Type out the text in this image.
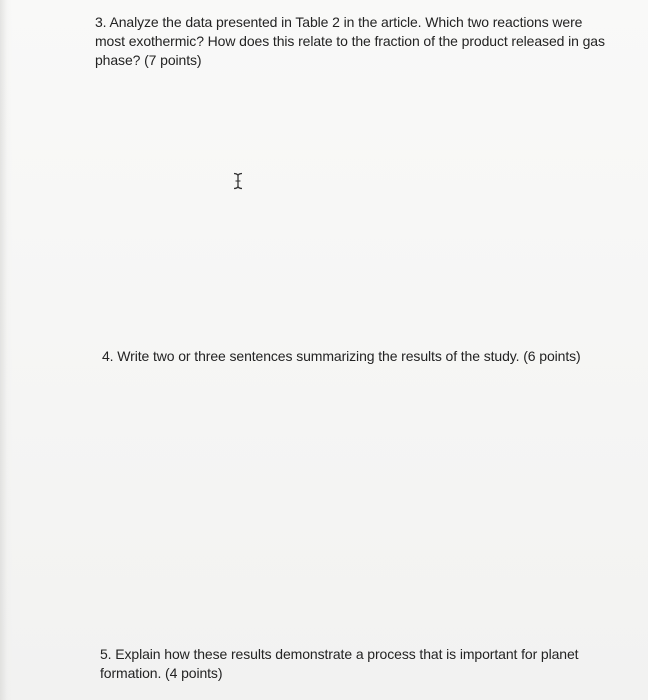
3. Analyze the data presented in Table 2 in the article. Which two reactions were most exothermic? How does this relate to the fraction of the product released in gas phase? (7 points)

4. Write two or three sentences summarizing the results of the study. (6 points)

5. Explain how these results demonstrate a process that is important for planet formation. (4 points)
